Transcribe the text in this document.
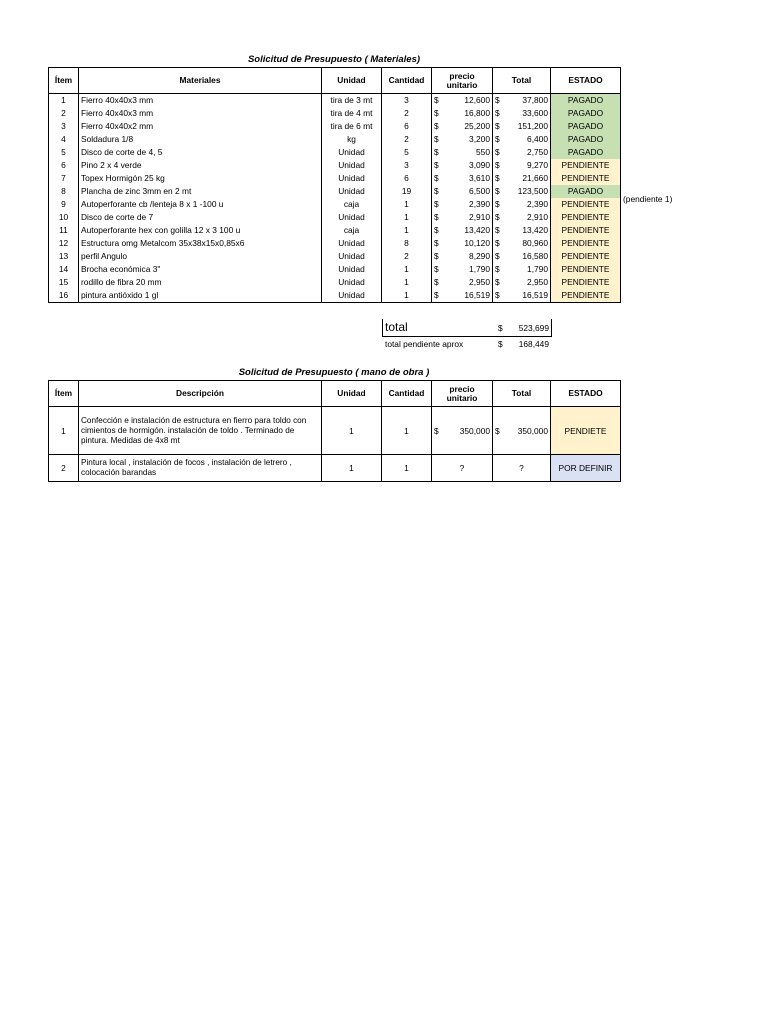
Solicitud de Presupuesto ( Materiales)
Ítem	Materiales	Unidad	Cantidad	precio unitario	Total	ESTADO
1	Fierro 40x40x3 mm	tira de 3 mt	3	$ 12,600	$ 37,800	PAGADO
2	Fierro 40x40x3 mm	tira de 4 mt	2	$ 16,800	$ 33,600	PAGADO
3	Fierro 40x40x2 mm	tira de 6 mt	6	$ 25,200	$ 151,200	PAGADO
4	Soldadura 1/8	kg	2	$ 3,200	$ 6,400	PAGADO
5	Disco de corte de 4, 5	Unidad	5	$ 550	$ 2,750	PAGADO
6	Pino 2 x 4 verde	Unidad	3	$ 3,090	$ 9,270	PENDIENTE
7	Topex Hormigón 25 kg	Unidad	6	$ 3,610	$ 21,660	PENDIENTE
8	Plancha de zinc 3mm en 2 mt	Unidad	19	$ 6,500	$ 123,500	PAGADO
9	Autoperforante cb /lenteja 8 x 1 -100 u	caja	1	$ 2,390	$ 2,390	PENDIENTE
10	Disco de corte de 7	Unidad	1	$ 2,910	$ 2,910	PENDIENTE
11	Autoperforante hex con golilla 12 x 3 100 u	caja	1	$ 13,420	$ 13,420	PENDIENTE
12	Estructura omg Metalcom 35x38x15x0,85x6	Unidad	8	$ 10,120	$ 80,960	PENDIENTE
13	perfil Angulo	Unidad	2	$ 8,290	$ 16,580	PENDIENTE
14	Brocha económica 3"	Unidad	1	$ 1,790	$ 1,790	PENDIENTE
15	rodillo de fibra 20 mm	Unidad	1	$ 2,950	$ 2,950	PENDIENTE
16	pintura antióxido 1 gl	Unidad	1	$ 16,519	$ 16,519	PENDIENTE
(pendiente 1)
total	$	523,699
total pendiente aprox	$	168,449
Solicitud de Presupuesto ( mano de obra )
Ítem	Descripción	Unidad	Cantidad	precio unitario	Total	ESTADO
1	Confección e instalación de estructura en fierro para toldo con cimientos de hormigón. instalación de toldo . Terminado de pintura. Medidas de 4x8 mt	1	1	$ 350,000	$ 350,000	PENDIETE
2	Pintura local , instalación de focos , instalación de letrero , colocación barandas	1	1	?	?	POR DEFINIR
